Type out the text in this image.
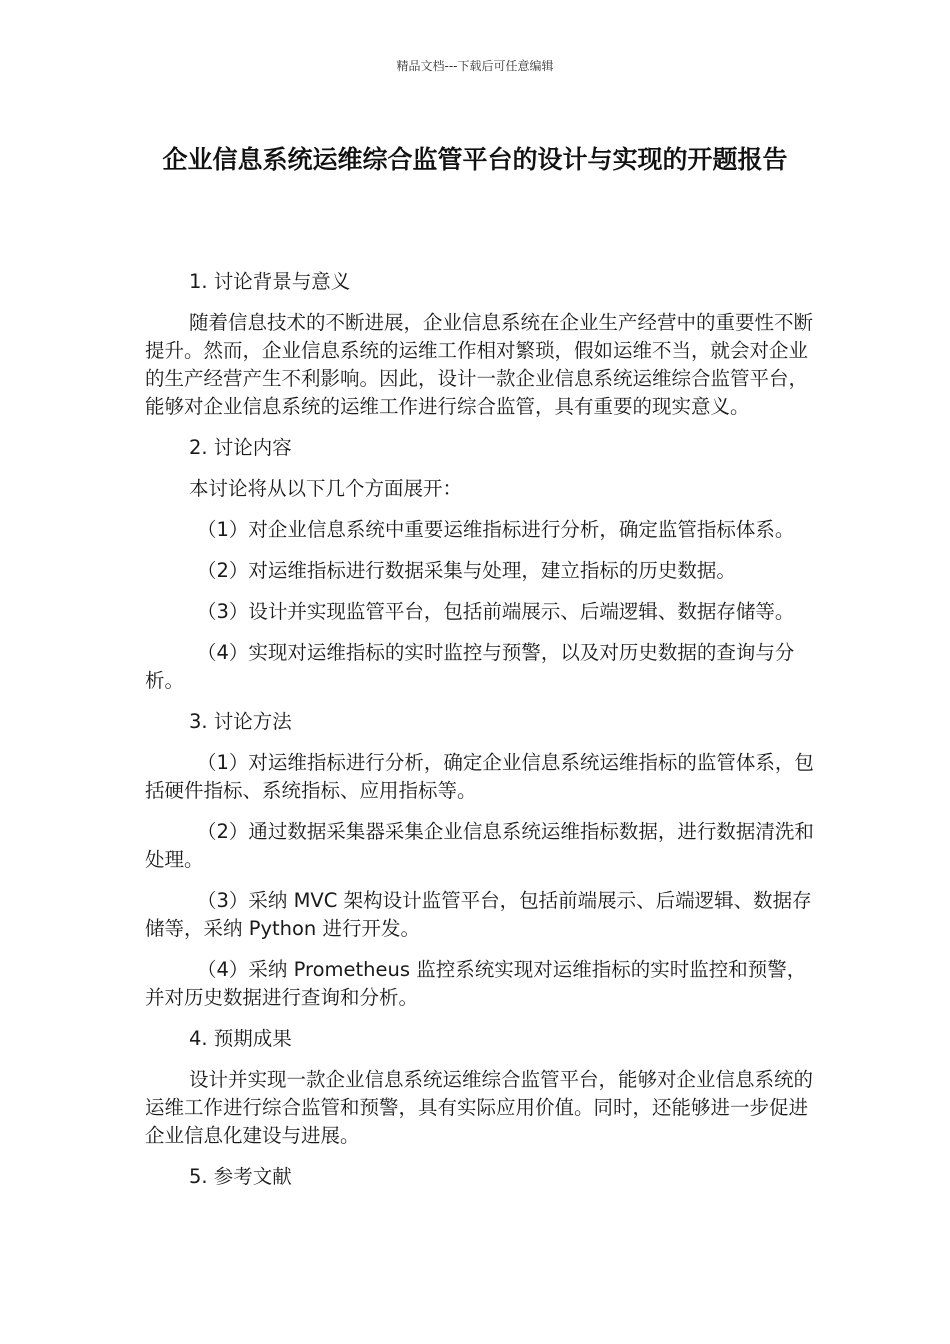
精品文档---下载后可任意编辑
企业信息系统运维综合监管平台的设计与实现的开题报告
1. 讨论背景与意义

随着信息技术的不断进展，企业信息系统在企业生产经营中的重要性不断提升。然而，企业信息系统的运维工作相对繁琐，假如运维不当，就会对企业的生产经营产生不利影响。因此，设计一款企业信息系统运维综合监管平台，能够对企业信息系统的运维工作进行综合监管，具有重要的现实意义。

2. 讨论内容

本讨论将从以下几个方面展开：

（1）对企业信息系统中重要运维指标进行分析，确定监管指标体系。

（2）对运维指标进行数据采集与处理，建立指标的历史数据。

（3）设计并实现监管平台，包括前端展示、后端逻辑、数据存储等。

（4）实现对运维指标的实时监控与预警，以及对历史数据的查询与分析。

3. 讨论方法

（1）对运维指标进行分析，确定企业信息系统运维指标的监管体系，包括硬件指标、系统指标、应用指标等。

（2）通过数据采集器采集企业信息系统运维指标数据，进行数据清洗和处理。

（3）采纳 MVC 架构设计监管平台，包括前端展示、后端逻辑、数据存储等，采纳 Python 进行开发。

（4）采纳 Prometheus 监控系统实现对运维指标的实时监控和预警，并对历史数据进行查询和分析。

4. 预期成果

设计并实现一款企业信息系统运维综合监管平台，能够对企业信息系统的运维工作进行综合监管和预警，具有实际应用价值。同时，还能够进一步促进企业信息化建设与进展。

5. 参考文献
